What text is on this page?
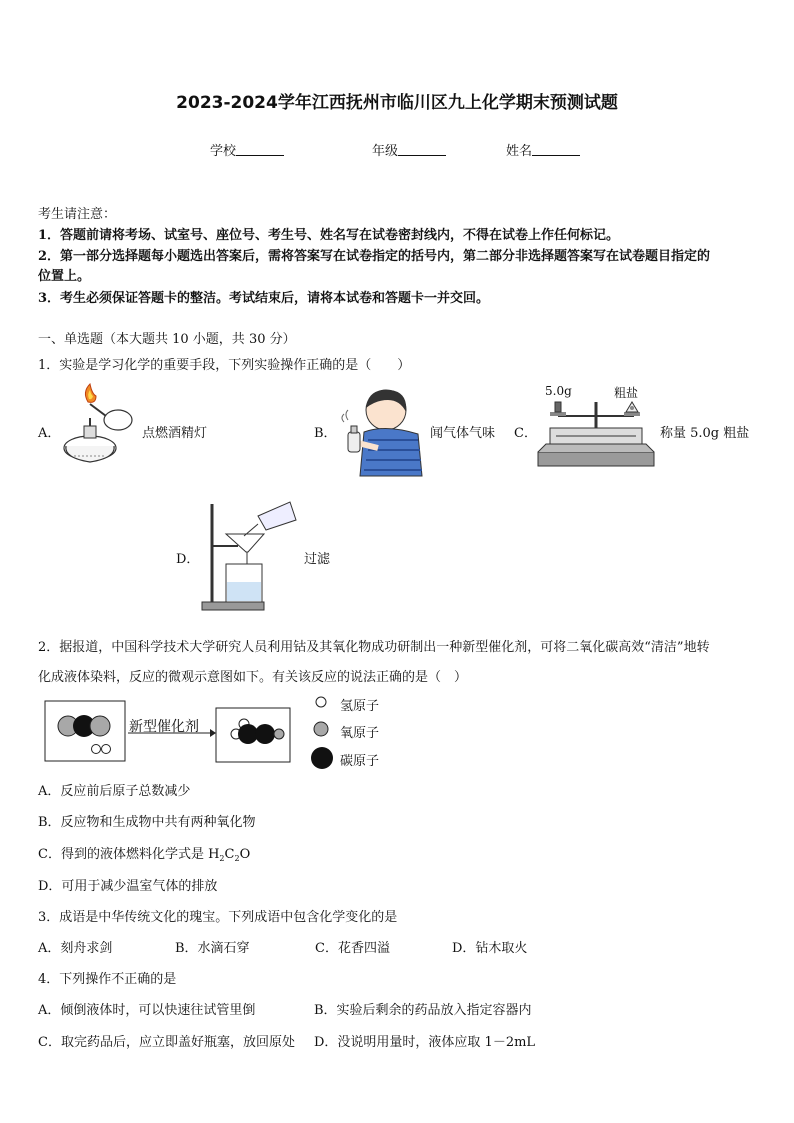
2023-2024学年江西抚州市临川区九上化学期末预测试题
学校	年级	姓名
考生请注意：
1．答题前请将考场、试室号、座位号、考生号、姓名写在试卷密封线内，不得在试卷上作任何标记。
2．第一部分选择题每小题选出答案后，需将答案写在试卷指定的括号内，第二部分非选择题答案写在试卷题目指定的
位置上。
3．考生必须保证答题卡的整洁。考试结束后，请将本试卷和答题卡一并交回。
一、单选题（本大题共 10 小题，共 30 分）
1．实验是学习化学的重要手段，下列实验操作正确的是（　　）
A．	点燃酒精灯	B．	闻气体气味 C．
5.0g	粗盐
称量 5.0g 粗盐
D．	过滤
2．据报道，中国科学技术大学研究人员利用钴及其氧化物成功研制出一种新型催化剂，可将二氧化碳高效“清洁”地转
化成液体染料，反应的微观示意图如下。有关该反应的说法正确的是（　）
新型催化剂
氢原子
氧原子
碳原子
A．反应前后原子总数减少
B．反应物和生成物中共有两种氧化物
C．得到的液体燃料化学式是 $H_2C_2O$
D．可用于减少温室气体的排放
3．成语是中华传统文化的瑰宝。下列成语中包含化学变化的是
A．刻舟求剑	B．水滴石穿	C．花香四溢	D．钻木取火
4．下列操作不正确的是
A．倾倒液体时，可以快速往试管里倒	B．实验后剩余的药品放入指定容器内
C．取完药品后，应立即盖好瓶塞，放回原处 D．没说明用量时，液体应取 1－2mL
